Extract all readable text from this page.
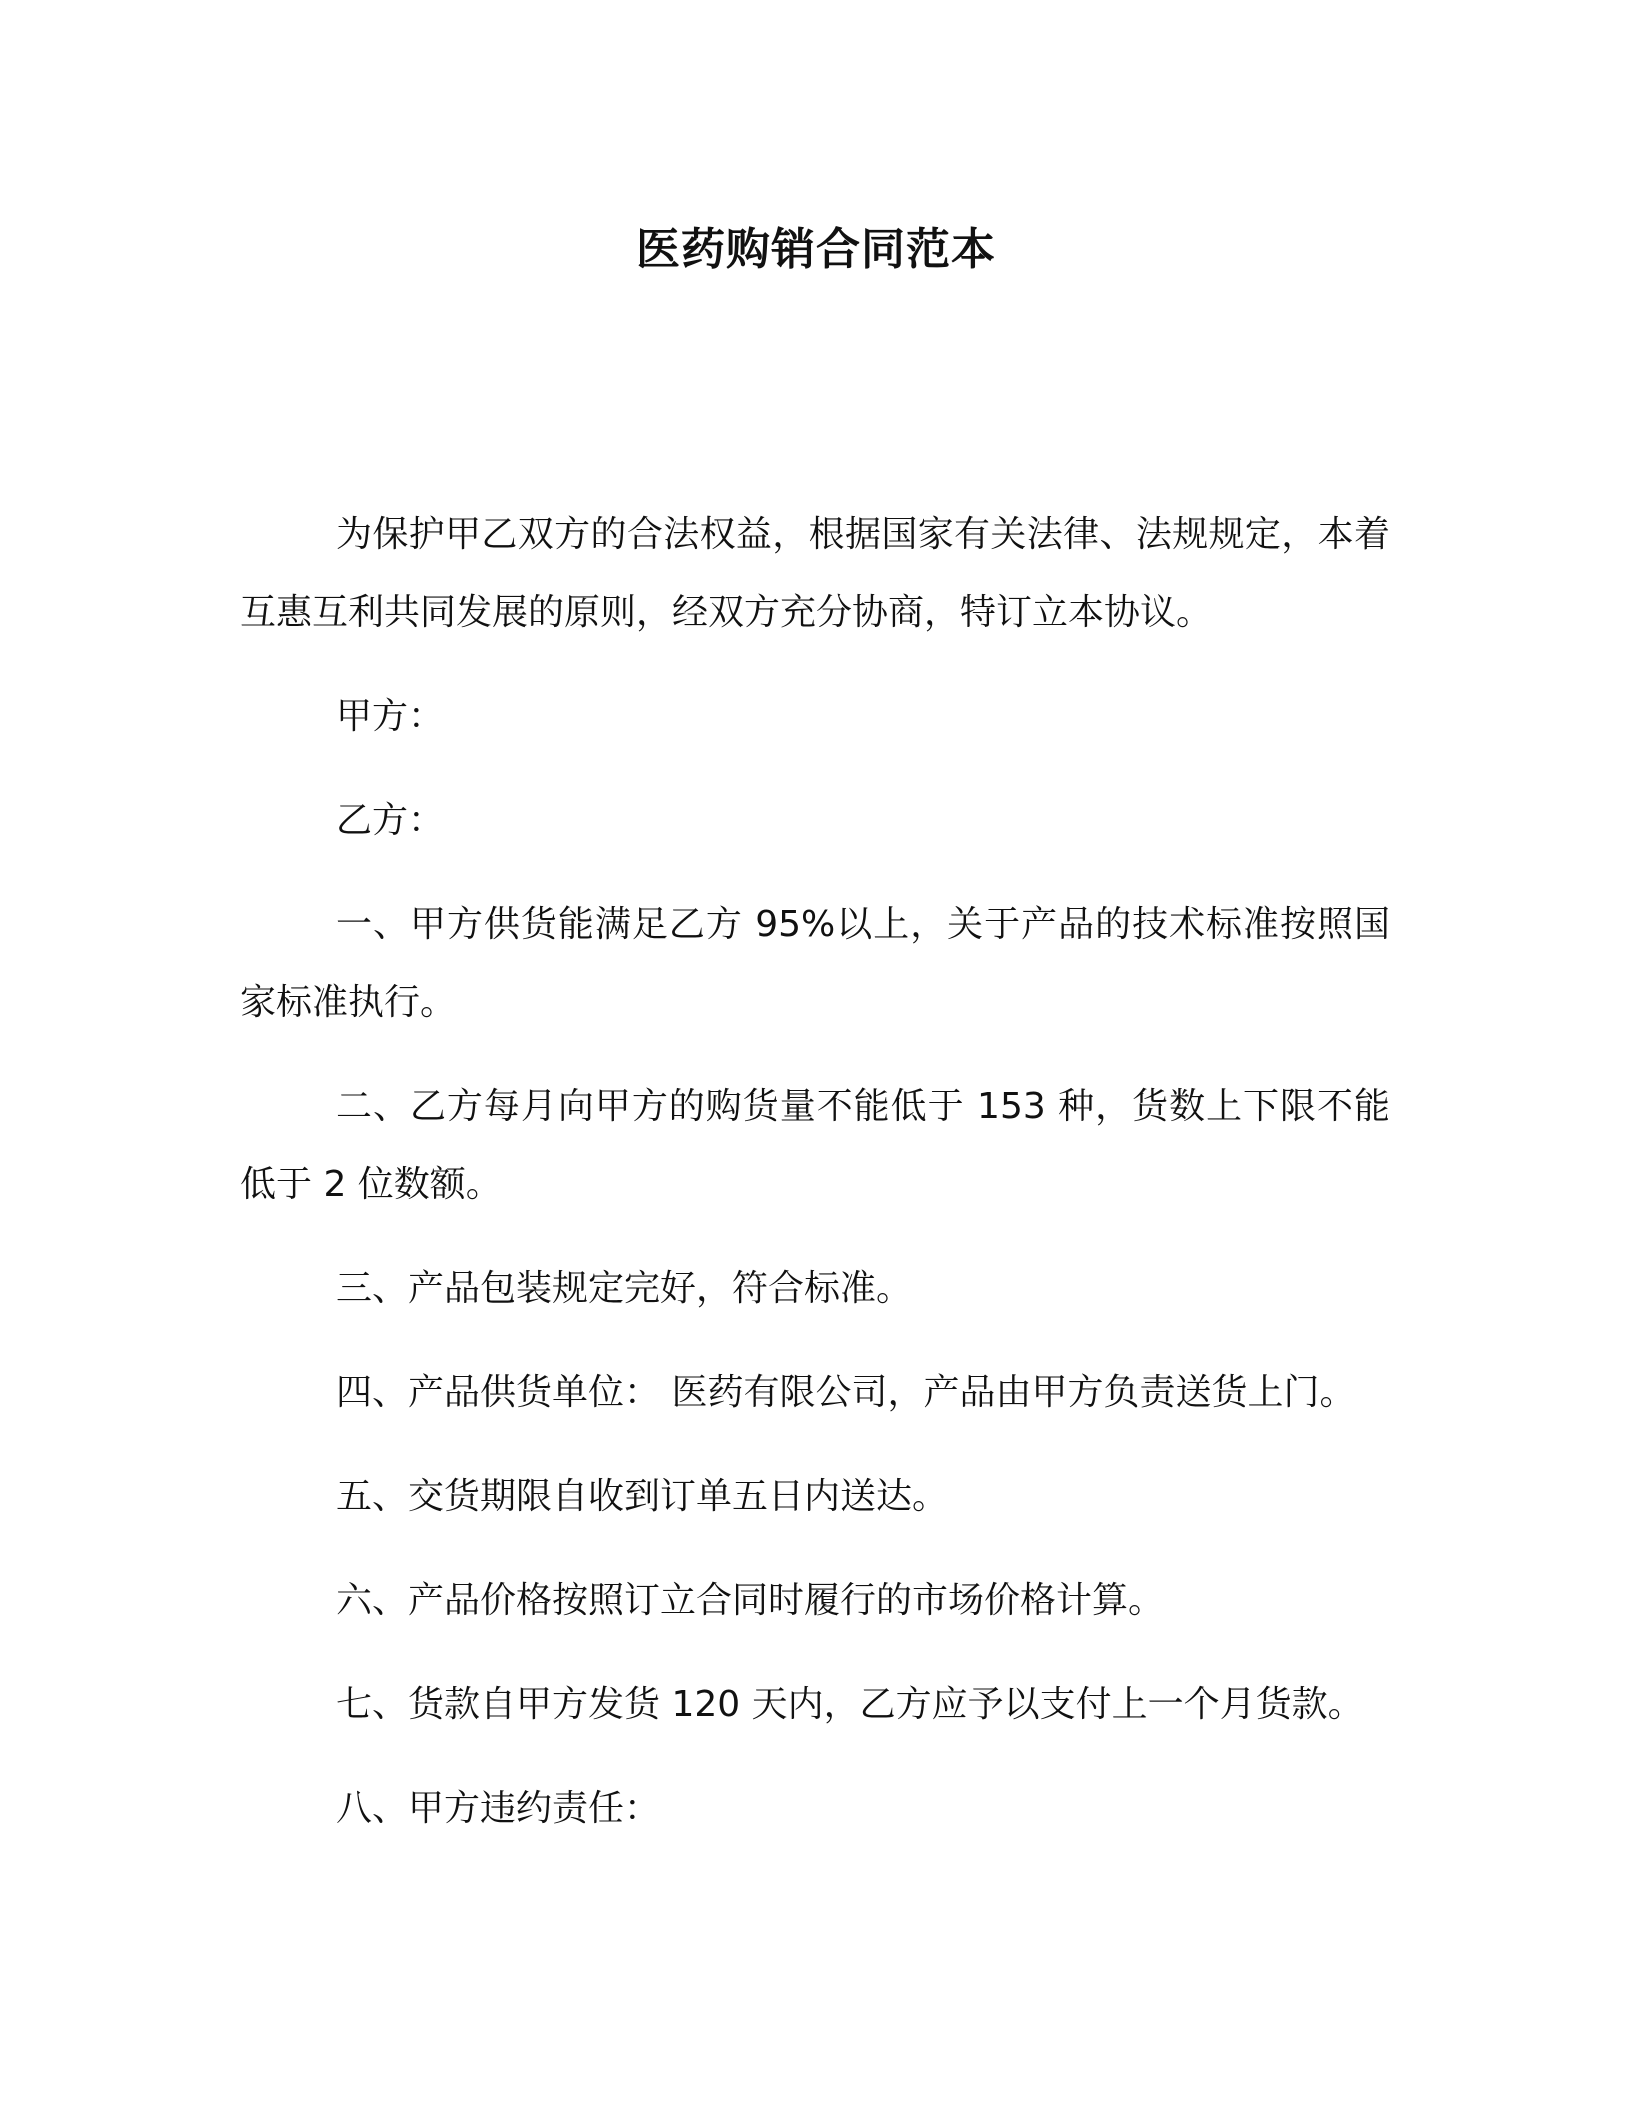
医药购销合同范本

为保护甲乙双方的合法权益，根据国家有关法律、法规规定，本着互惠互利共同发展的原则，经双方充分协商，特订立本协议。

甲方：

乙方：

一、甲方供货能满足乙方 95%以上，关于产品的技术标准按照国家标准执行。

二、乙方每月向甲方的购货量不能低于 153 种，货数上下限不能低于 2 位数额。

三、产品包装规定完好，符合标准。

四、产品供货单位： 医药有限公司，产品由甲方负责送货上门。

五、交货期限自收到订单五日内送达。

六、产品价格按照订立合同时履行的市场价格计算。

七、货款自甲方发货 120 天内，乙方应予以支付上一个月货款。

八、甲方违约责任：
